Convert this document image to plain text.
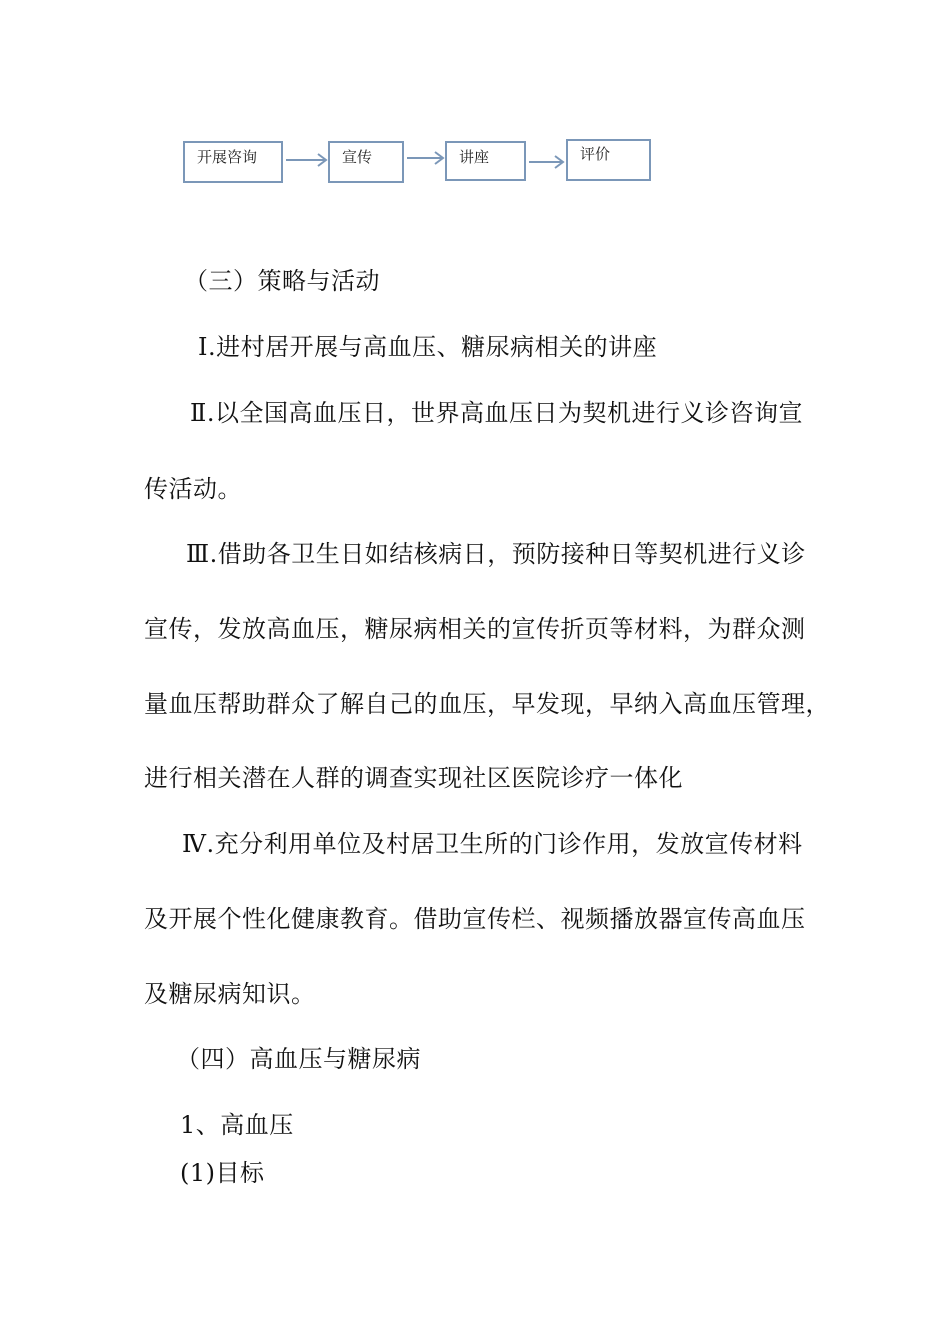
开展咨询	宣传	讲座	评价
（三）策略与活动
Ⅰ.进村居开展与高血压、糖尿病相关的讲座
Ⅱ.以全国高血压日，世界高血压日为契机进行义诊咨询宣
传活动。
Ⅲ.借助各卫生日如结核病日，预防接种日等契机进行义诊
宣传，发放高血压，糖尿病相关的宣传折页等材料，为群众测
量血压帮助群众了解自己的血压，早发现，早纳入高血压管理，
进行相关潜在人群的调查实现社区医院诊疗一体化
Ⅳ.充分利用单位及村居卫生所的门诊作用，发放宣传材料
及开展个性化健康教育。借助宣传栏、视频播放器宣传高血压
及糖尿病知识。
（四）高血压与糖尿病
1、高血压
(1)目标
